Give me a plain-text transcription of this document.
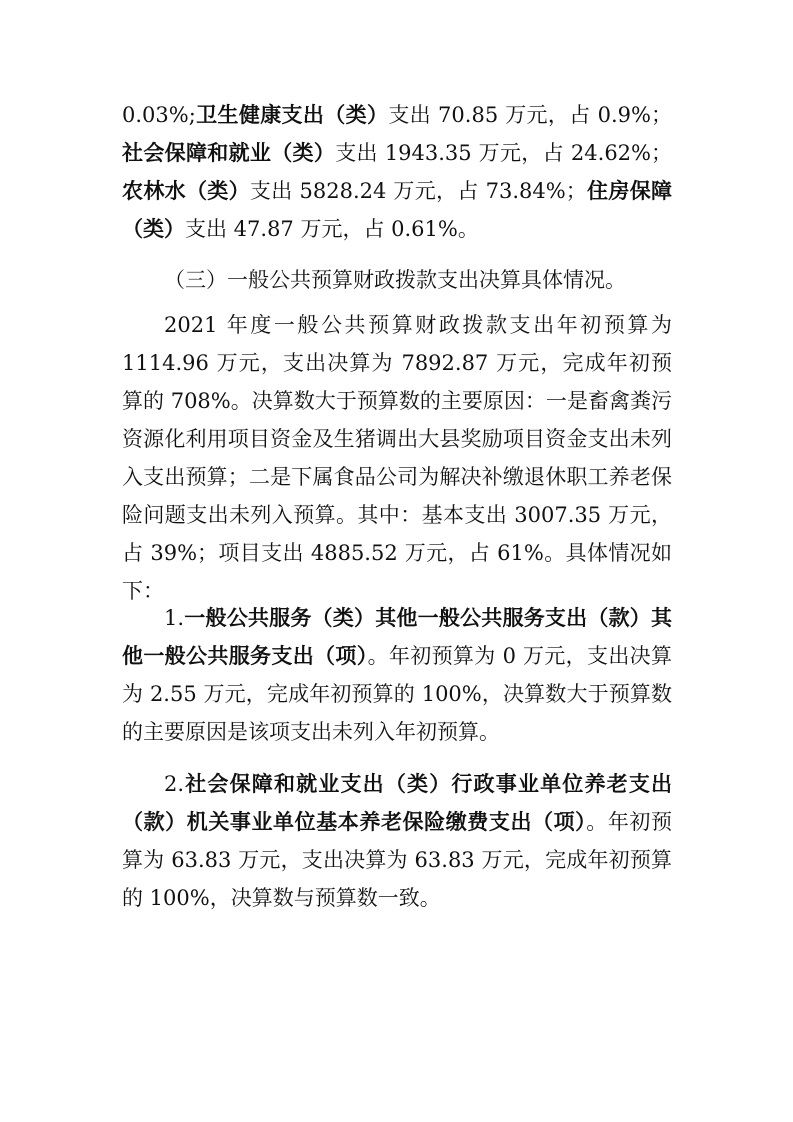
0.03%;卫生健康支出（类）支出 70.85 万元，占 0.9%；社会保障和就业（类）支出 1943.35 万元，占 24.62%；农林水（类）支出 5828.24 万元，占 73.84%；住房保障（类）支出 47.87 万元，占 0.61%。

（三）一般公共预算财政拨款支出决算具体情况。

2021 年度一般公共预算财政拨款支出年初预算为 1114.96 万元，支出决算为 7892.87 万元，完成年初预算的 708%。决算数大于预算数的主要原因：一是畜禽粪污资源化利用项目资金及生猪调出大县奖励项目资金支出未列入支出预算；二是下属食品公司为解决补缴退休职工养老保险问题支出未列入预算。其中：基本支出 3007.35 万元，占 39%；项目支出 4885.52 万元，占 61%。具体情况如下：

1.一般公共服务（类）其他一般公共服务支出（款）其他一般公共服务支出（项）。年初预算为 0 万元，支出决算为 2.55 万元，完成年初预算的 100%，决算数大于预算数的主要原因是该项支出未列入年初预算。

2.社会保障和就业支出（类）行政事业单位养老支出（款）机关事业单位基本养老保险缴费支出（项）。年初预算为 63.83 万元，支出决算为 63.83 万元，完成年初预算的 100%，决算数与预算数一致。
